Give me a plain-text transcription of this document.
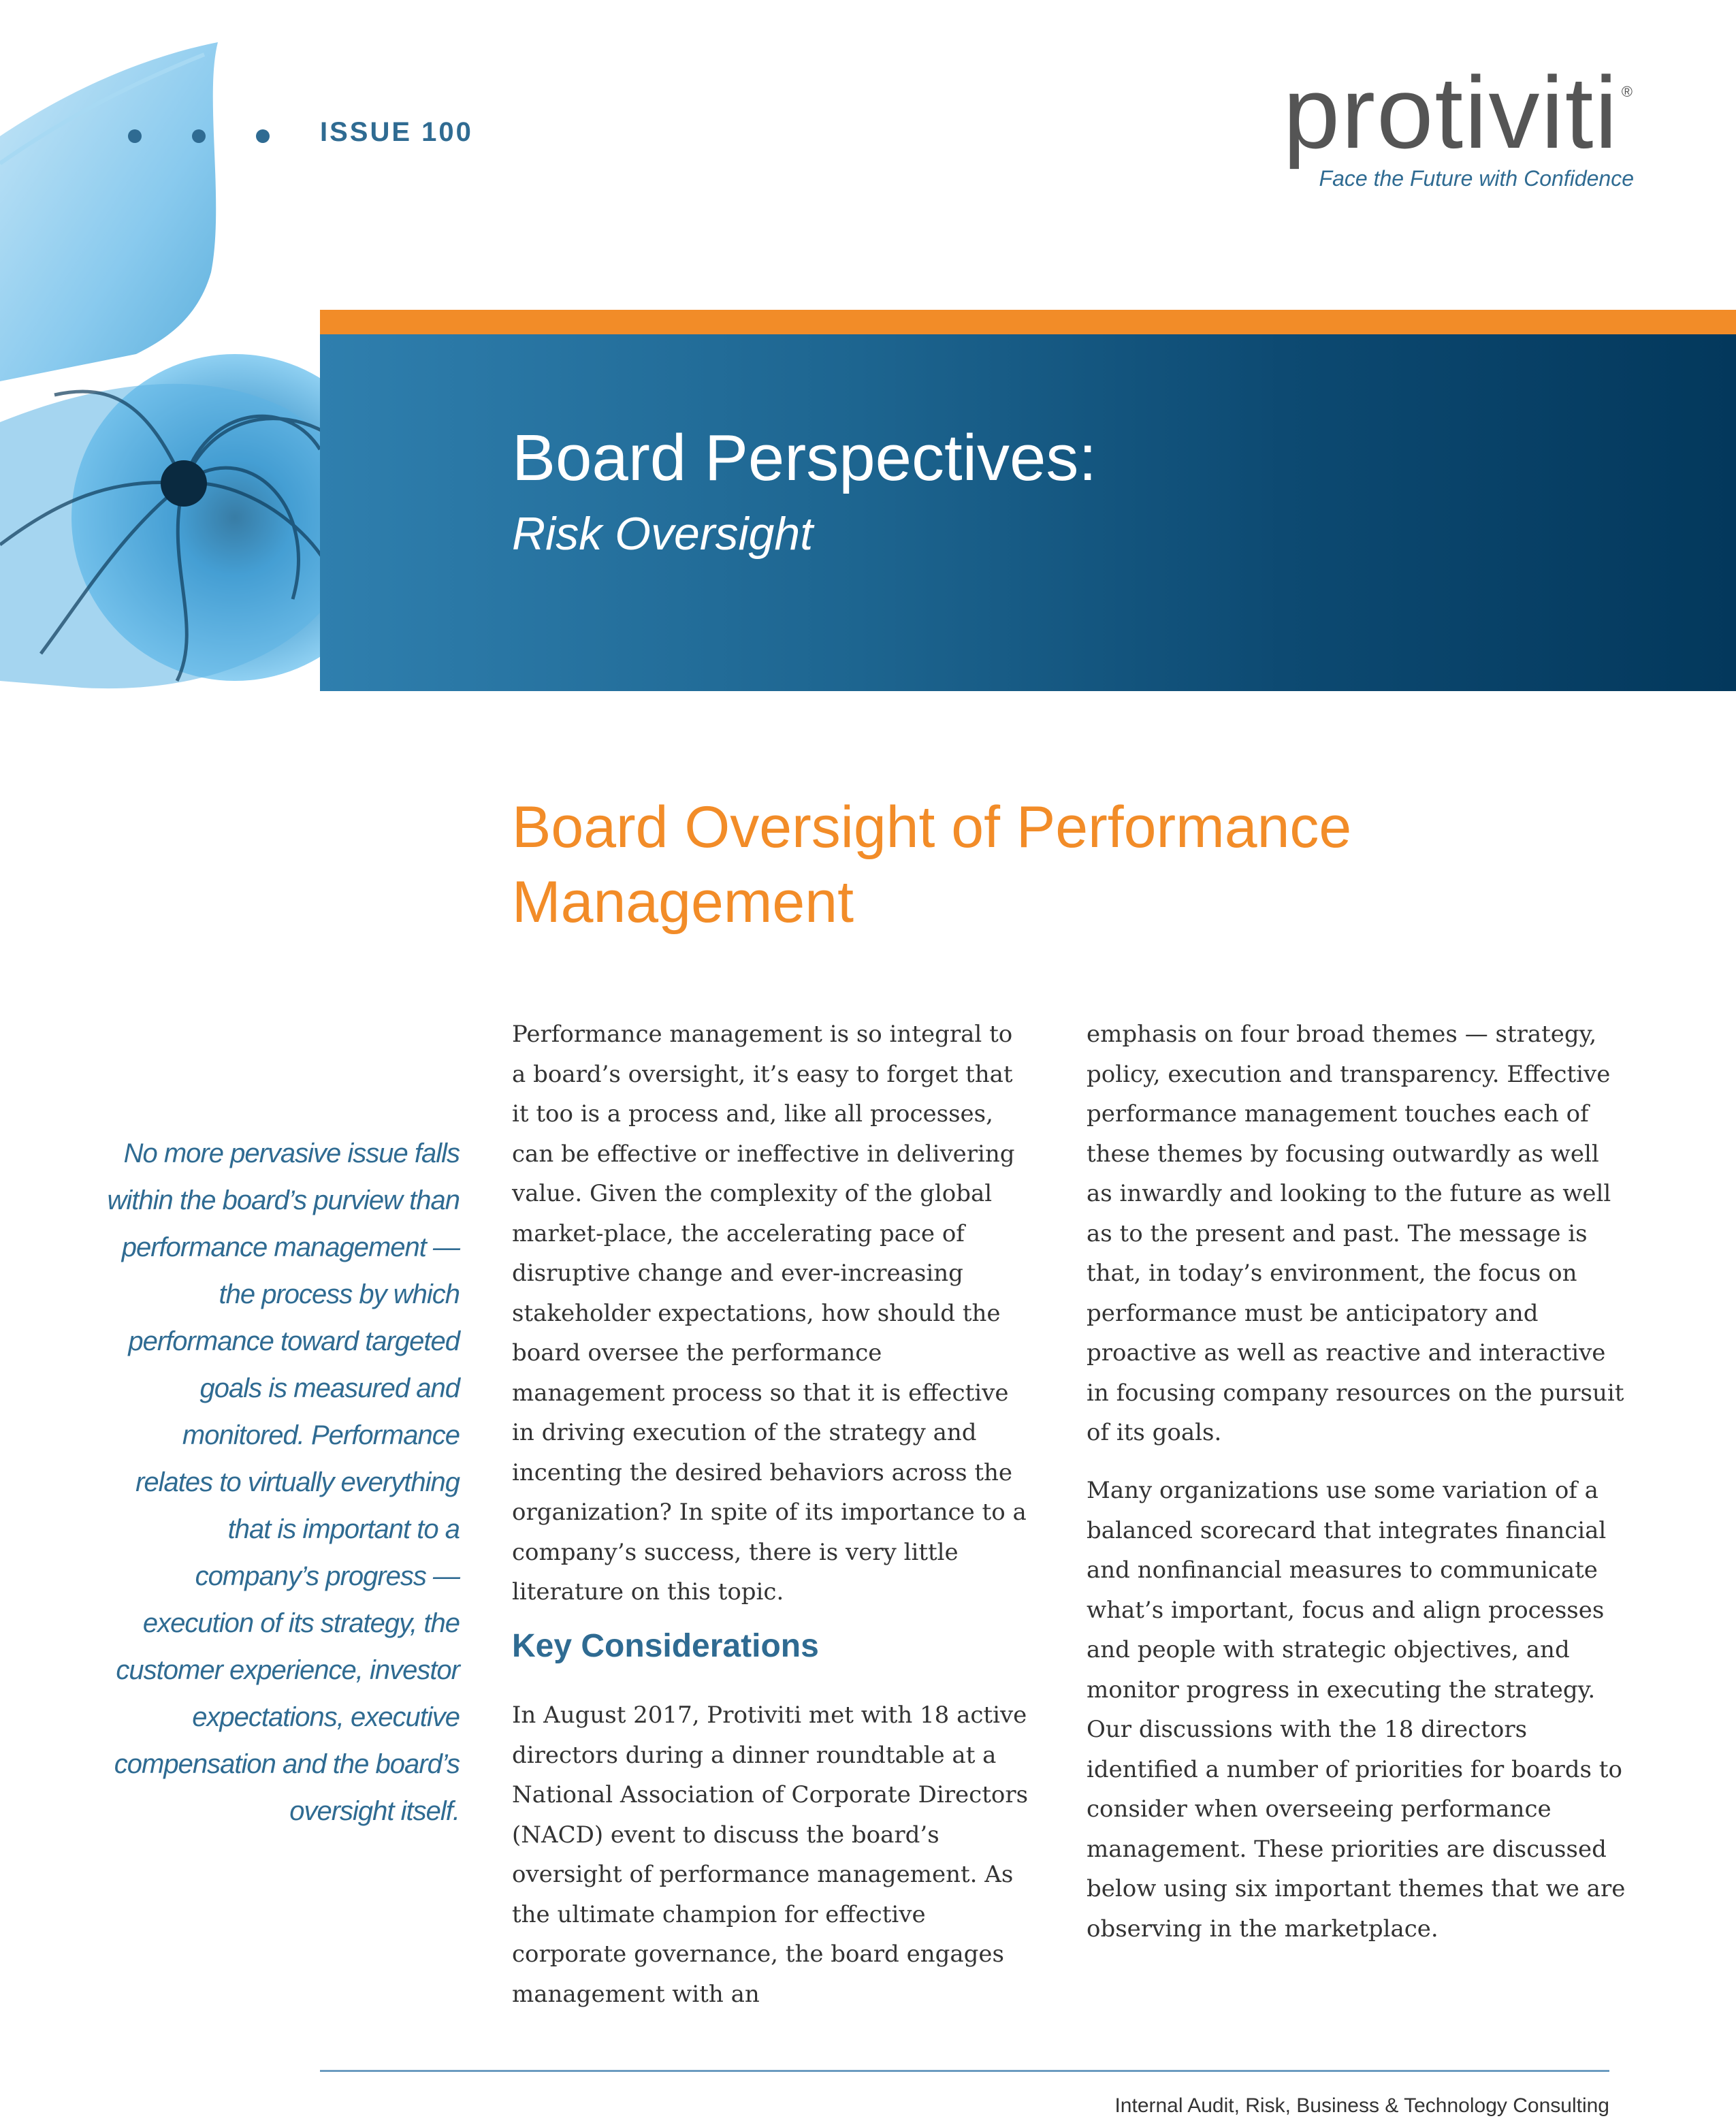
ISSUE 100	protiviti ®
Face the Future with Confidence
Board Perspectives:
Risk Oversight
Board Oversight of Performance Management
No more pervasive issue falls within the board’s purview than performance management — the process by which performance toward targeted goals is measured and monitored. Performance relates to virtually everything that is important to a company’s progress — execution of its strategy, the customer experience, investor expectations, executive compensation and the board’s oversight itself.

Performance management is so integral to a board’s oversight, it’s easy to forget that it too is a process and, like all processes, can be effective or ineffective in delivering value. Given the complexity of the global market-place, the accelerating pace of disruptive change and ever-increasing stakeholder expectations, how should the board oversee the performance management process so that it is effective in driving execution of the strategy and incenting the desired behaviors across the organization? In spite of its importance to a company’s success, there is very little literature on this topic.

Key Considerations

In August 2017, Protiviti met with 18 active directors during a dinner roundtable at a National Association of Corporate Directors (NACD) event to discuss the board’s oversight of performance management. As the ultimate champion for effective corporate governance, the board engages management with an

emphasis on four broad themes — strategy, policy, execution and transparency. Effective performance management touches each of these themes by focusing outwardly as well as inwardly and looking to the future as well as to the present and past. The message is that, in today’s environment, the focus on performance must be anticipatory and proactive as well as reactive and interactive in focusing company resources on the pursuit of its goals.

Many organizations use some variation of a balanced scorecard that integrates financial and nonfinancial measures to communicate what’s important, focus and align processes and people with strategic objectives, and monitor progress in executing the strategy. Our discussions with the 18 directors identified a number of priorities for boards to consider when overseeing performance management. These priorities are discussed below using six important themes that we are observing in the marketplace.

Internal Audit, Risk, Business & Technology Consulting
